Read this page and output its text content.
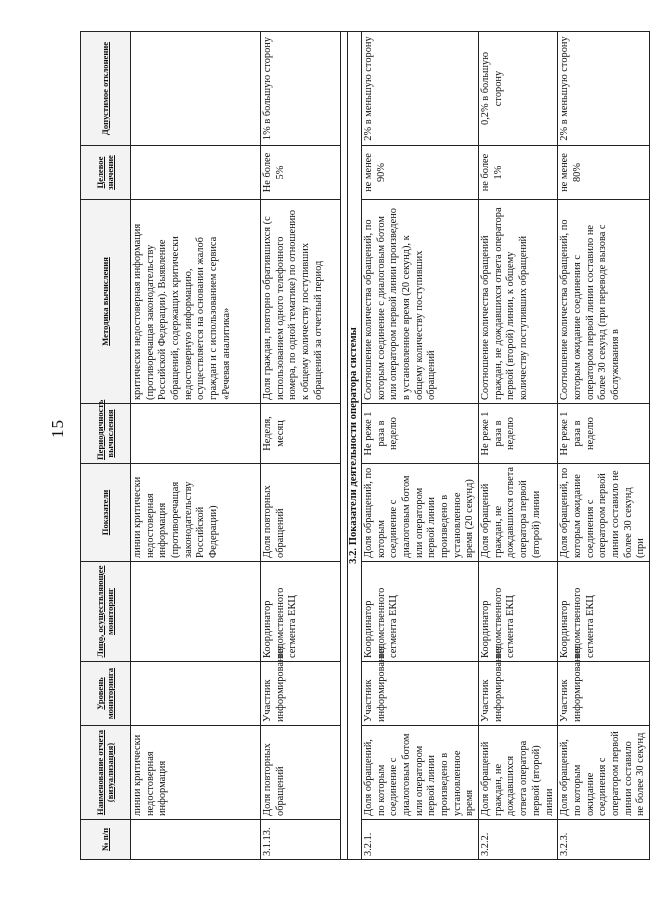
15
№ п/п	Наименование отчета (визуализация)	Уровень мониторинга	Лицо, осуществляющее мониторинг	Показатели	Периодичность вычисления	Методика вычисления	Целевое значение	Допустимое отклонение
	линии критически недостоверная информация			линии критически недостоверная информация (противоречащая законодательству Российской Федерации)		критически недостоверная информация (противоречащая законодательству Российской Федерации). Выявление обращений, содержащих критически недостоверную информацию, осуществляется на основании жалоб граждан и с использованием сервиса «Речевая аналитика»		
3.1.13.	Доля повторных обращений	Участник информирования	Координатор ведомственного сегмента ЕКЦ	Доля повторных обращений	Неделя, месяц	Доля граждан, повторно обратившихся (с использованием одного телефонного номера, по одной тематике) по отношению к общему количеству поступивших обращений за отчетный период	Не более 5%	1% в большую сторону

3.2. Показатели деятельности оператора системы								
3.2.1.	Доля обращений, по которым соединение с диалоговым ботом или оператором первой линии произведено в установленное время	Участник информирования	Координатор ведомственного сегмента ЕКЦ	Доля обращений, по которым соединение с диалоговым ботом или оператором первой линии произведено в установленное время (20 секунд)	Не реже 1 раза в неделю	Соотношение количества обращений, по которым соединение с диалоговым ботом или оператором первой линии произведено в установленное время (20 секунд), к общему количеству поступивших обращений	не менее 90%	2% в меньшую сторону
3.2.2.	Доля обращений граждан, не дождавшихся ответа оператора первой (второй) линии	Участник информирования	Координатор ведомственного сегмента ЕКЦ	Доля обращений граждан, не дождавшихся ответа оператора первой (второй) линии	Не реже 1 раза в неделю	Соотношение количества обращений граждан, не дождавшихся ответа оператора первой (второй) линии, к общему количеству поступивших обращений	не более 1%	0,2% в большую сторону
3.2.3.	Доля обращений, по которым ожидание соединения с оператором первой линии составило не более 30 секунд	Участник информирования	Координатор ведомственного сегмента ЕКЦ	Доля обращений, по которым ожидание соединения с оператором первой линии составило не более 30 секунд (при	Не реже 1 раза в неделю	Соотношение количества обращений, по которым ожидание соединения с оператором первой линии составило не более 30 секунд (при переводе вызова с обслуживания в	не менее 80%	2% в меньшую сторону
